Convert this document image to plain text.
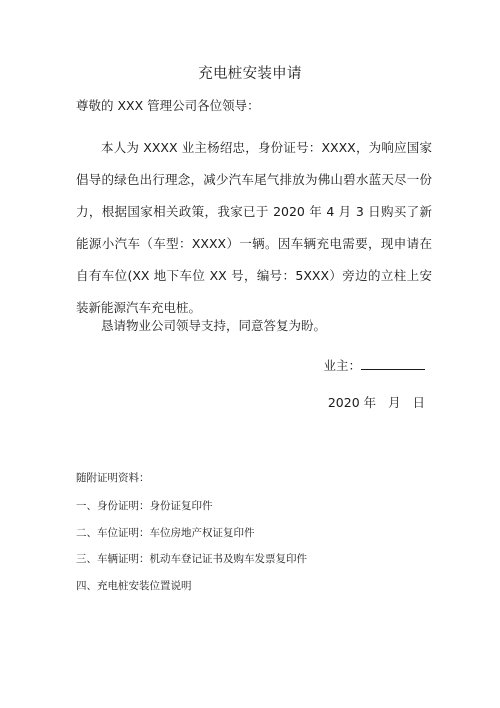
充电桩安装申请
尊敬的 XXX 管理公司各位领导：

本人为 XXXX 业主杨绍忠，身份证号：XXXX，为响应国家倡导的绿色出行理念，减少汽车尾气排放为佛山碧水蓝天尽一份力，根据国家相关政策，我家已于 2020 年 4 月 3 日购买了新能源小汽车（车型：XXXX）一辆。因车辆充电需要，现申请在自有车位(XX 地下车位 XX 号，编号：5XXX）旁边的立柱上安装新能源汽车充电桩。

恳请物业公司领导支持，同意答复为盼。
业主：
2020 年   月   日
随附证明资料：
一、身份证明：身份证复印件
二、车位证明：车位房地产权证复印件
三、车辆证明：机动车登记证书及购车发票复印件
四、充电桩安装位置说明
